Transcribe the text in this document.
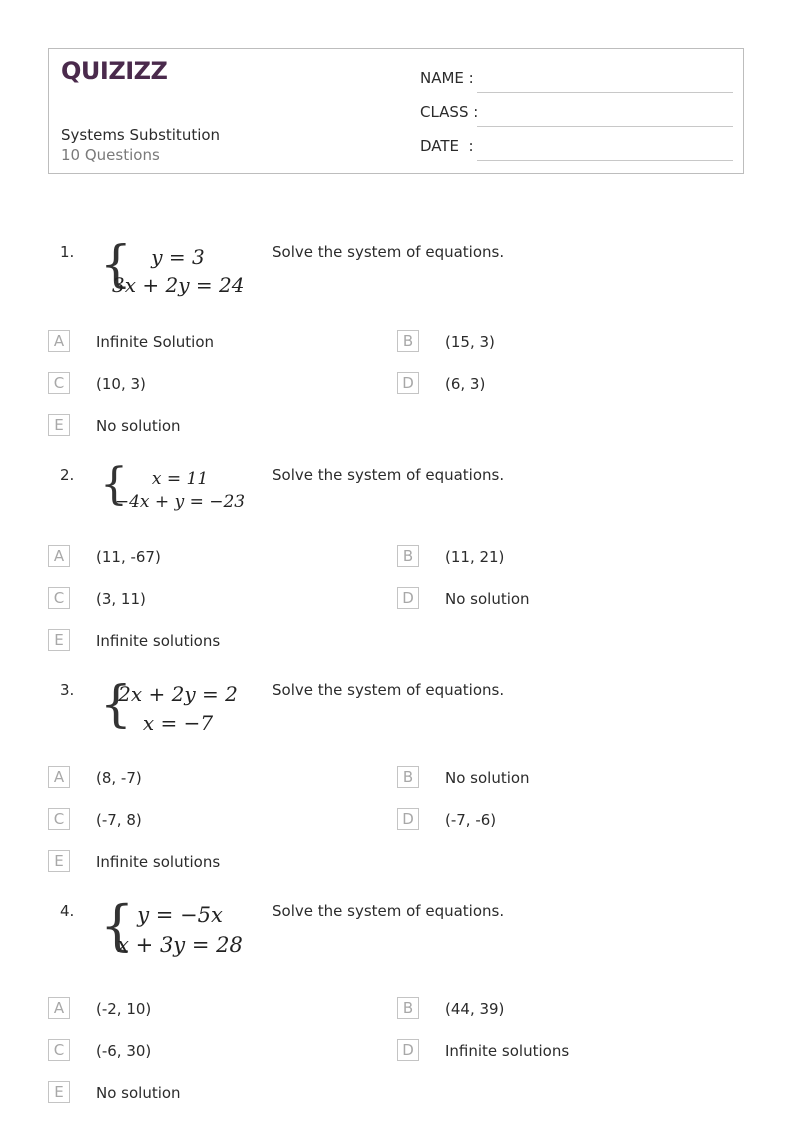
QUIZIZZ
Systems Substitution
10 Questions
NAME :
CLASS :
DATE  :
1. { y = 3
3x + 2y = 24
Solve the system of equations.
A	Infinite Solution	B	(15, 3)
C	(10, 3)	D	(6, 3)
E	No solution
2. {	x = 11
−4x + y = −23
Solve the system of equations.
A	(11, -67)	B	(11, 21)
C	(3, 11)	D	No solution
E	Infinite solutions
3. {
2x + 2y = 2
x = −7
Solve the system of equations.
A	(8, -7)	B	No solution
C	(-7, 8)	D	(-7, -6)
E	Infinite solutions
4. { y = −5x
x + 3y = 28
Solve the system of equations.
A	(-2, 10)	B	(44, 39)
C	(-6, 30)	D	Infinite solutions
E	No solution
